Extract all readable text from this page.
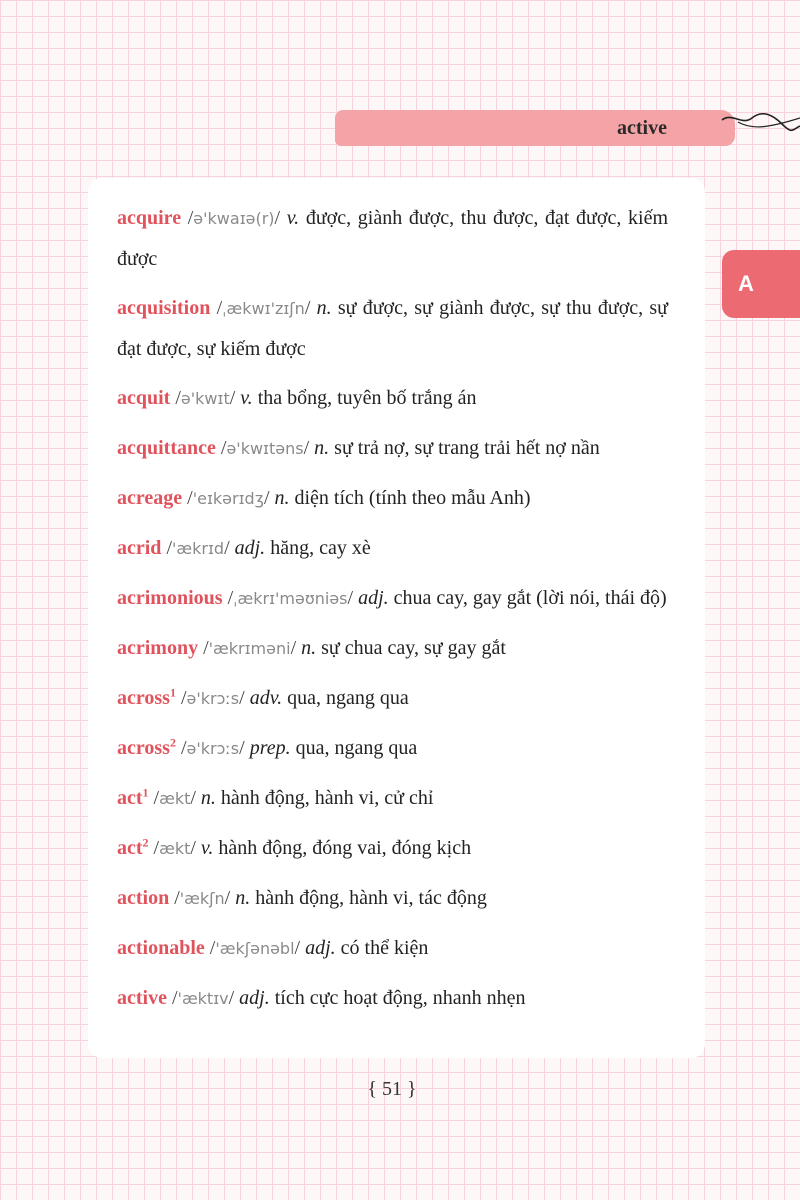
active
A
acquire /ə'kwaɪə(r)/ v. được, giành được, thu được, đạt được, kiếm được
acquisition /ˌækwɪ'zɪʃn/ n. sự được, sự giành được, sự thu được, sự đạt được, sự kiếm được
acquit /ə'kwɪt/ v. tha bổng, tuyên bố trắng án
acquittance /ə'kwɪtəns/ n. sự trả nợ, sự trang trải hết nợ nần
acreage /'eɪkərɪdʒ/ n. diện tích (tính theo mẫu Anh)
acrid /'ækrɪd/ adj. hăng, cay xè
acrimonious /ˌækrɪ'məʊniəs/ adj. chua cay, gay gắt (lời nói, thái độ)
acrimony /'ækrɪməni/ n. sự chua cay, sự gay gắt
across$^1$ /ə'krɔːs/ adv. qua, ngang qua
across$^2$ /ə'krɔːs/ prep. qua, ngang qua
act$^1$ /ækt/ n. hành động, hành vi, cử chỉ
act$^2$ /ækt/ v. hành động, đóng vai, đóng kịch
action /'ækʃn/ n. hành động, hành vi, tác động
actionable /'ækʃənəbl/ adj. có thể kiện
active /'æktɪv/ adj. tích cực hoạt động, nhanh nhẹn
{ 51 }
